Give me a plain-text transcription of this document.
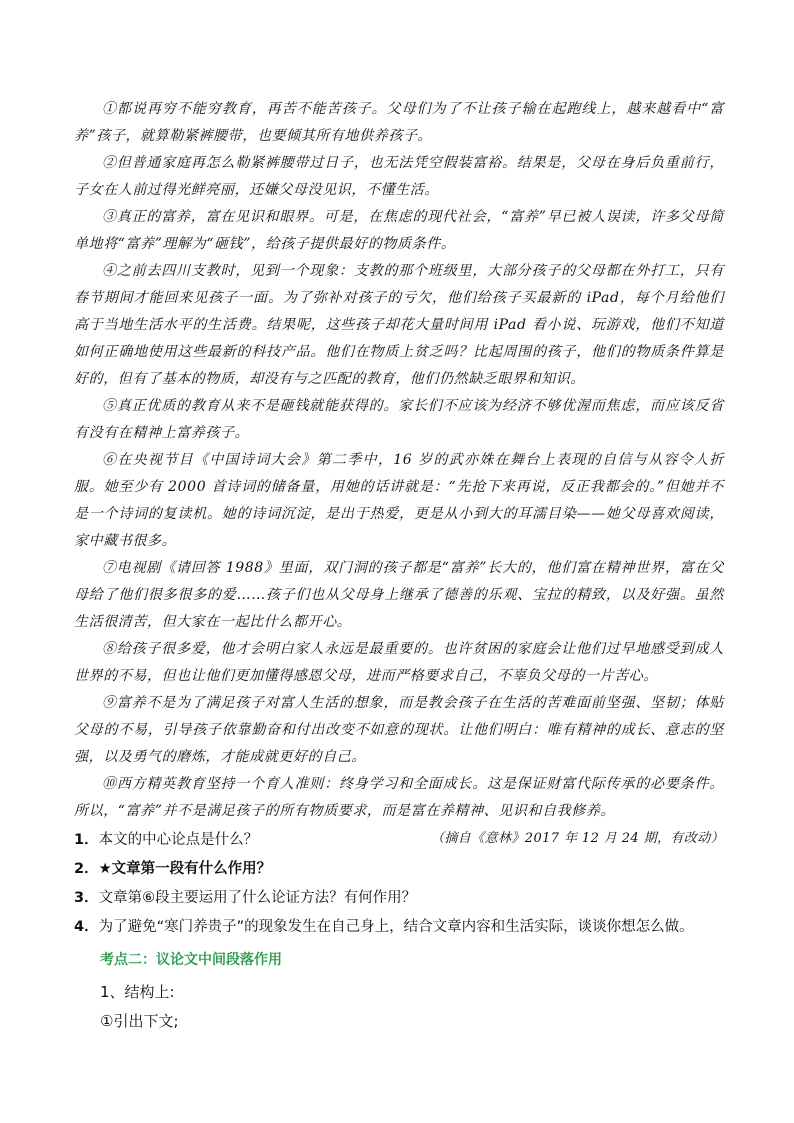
①都说再穷不能穷教育，再苦不能苦孩子。父母们为了不让孩子输在起跑线上，越来越看中“富养”孩子，就算勒紧裤腰带，也要倾其所有地供养孩子。

②但普通家庭再怎么勒紧裤腰带过日子，也无法凭空假装富裕。结果是，父母在身后负重前行，子女在人前过得光鲜亮丽，还嫌父母没见识，不懂生活。

③真正的富养，富在见识和眼界。可是，在焦虑的现代社会，“富养”早已被人误读，许多父母简单地将“富养”理解为“砸钱”，给孩子提供最好的物质条件。

④之前去四川支教时，见到一个现象：支教的那个班级里，大部分孩子的父母都在外打工，只有春节期间才能回来见孩子一面。为了弥补对孩子的亏欠，他们给孩子买最新的 iPad，每个月给他们高于当地生活水平的生活费。结果呢，这些孩子却花大量时间用 iPad 看小说、玩游戏，他们不知道如何正确地使用这些最新的科技产品。他们在物质上贫乏吗？比起周围的孩子，他们的物质条件算是好的，但有了基本的物质，却没有与之匹配的教育，他们仍然缺乏眼界和知识。

⑤真正优质的教育从来不是砸钱就能获得的。家长们不应该为经济不够优渥而焦虑，而应该反省有没有在精神上富养孩子。

⑥在央视节目《中国诗词大会》第二季中，16 岁的武亦姝在舞台上表现的自信与从容令人折服。她至少有 2000 首诗词的储备量，用她的话讲就是：“先抢下来再说，反正我都会的。”但她并不是一个诗词的复读机。她的诗词沉淀，是出于热爱，更是从小到大的耳濡目染——她父母喜欢阅读，家中藏书很多。

⑦电视剧《请回答 1988》里面，双门洞的孩子都是“富养”长大的，他们富在精神世界，富在父母给了他们很多很多的爱……孩子们也从父母身上继承了德善的乐观、宝拉的精致，以及好强。虽然生活很清苦，但大家在一起比什么都开心。

⑧给孩子很多爱，他才会明白家人永远是最重要的。也许贫困的家庭会让他们过早地感受到成人世界的不易，但也让他们更加懂得感恩父母，进而严格要求自己，不辜负父母的一片苦心。

⑨富养不是为了满足孩子对富人生活的想象，而是教会孩子在生活的苦难面前坚强、坚韧；体贴父母的不易，引导孩子依靠勤奋和付出改变不如意的现状。让他们明白：唯有精神的成长、意志的坚强，以及勇气的磨炼，才能成就更好的自己。

⑩西方精英教育坚持一个育人准则：终身学习和全面成长。这是保证财富代际传承的必要条件。所以，“富养”并不是满足孩子的所有物质要求，而是富在养精神、见识和自我修养。

（摘自《意林》2017 年 12 月 24 期，有改动）

1．本文的中心论点是什么？

2．★文章第一段有什么作用？

3．文章第⑥段主要运用了什么论证方法？有何作用？

4．为了避免“寒门养贵子”的现象发生在自己身上，结合文章内容和生活实际，谈谈你想怎么做。

考点二：议论文中间段落作用

1、结构上:

①引出下文;
